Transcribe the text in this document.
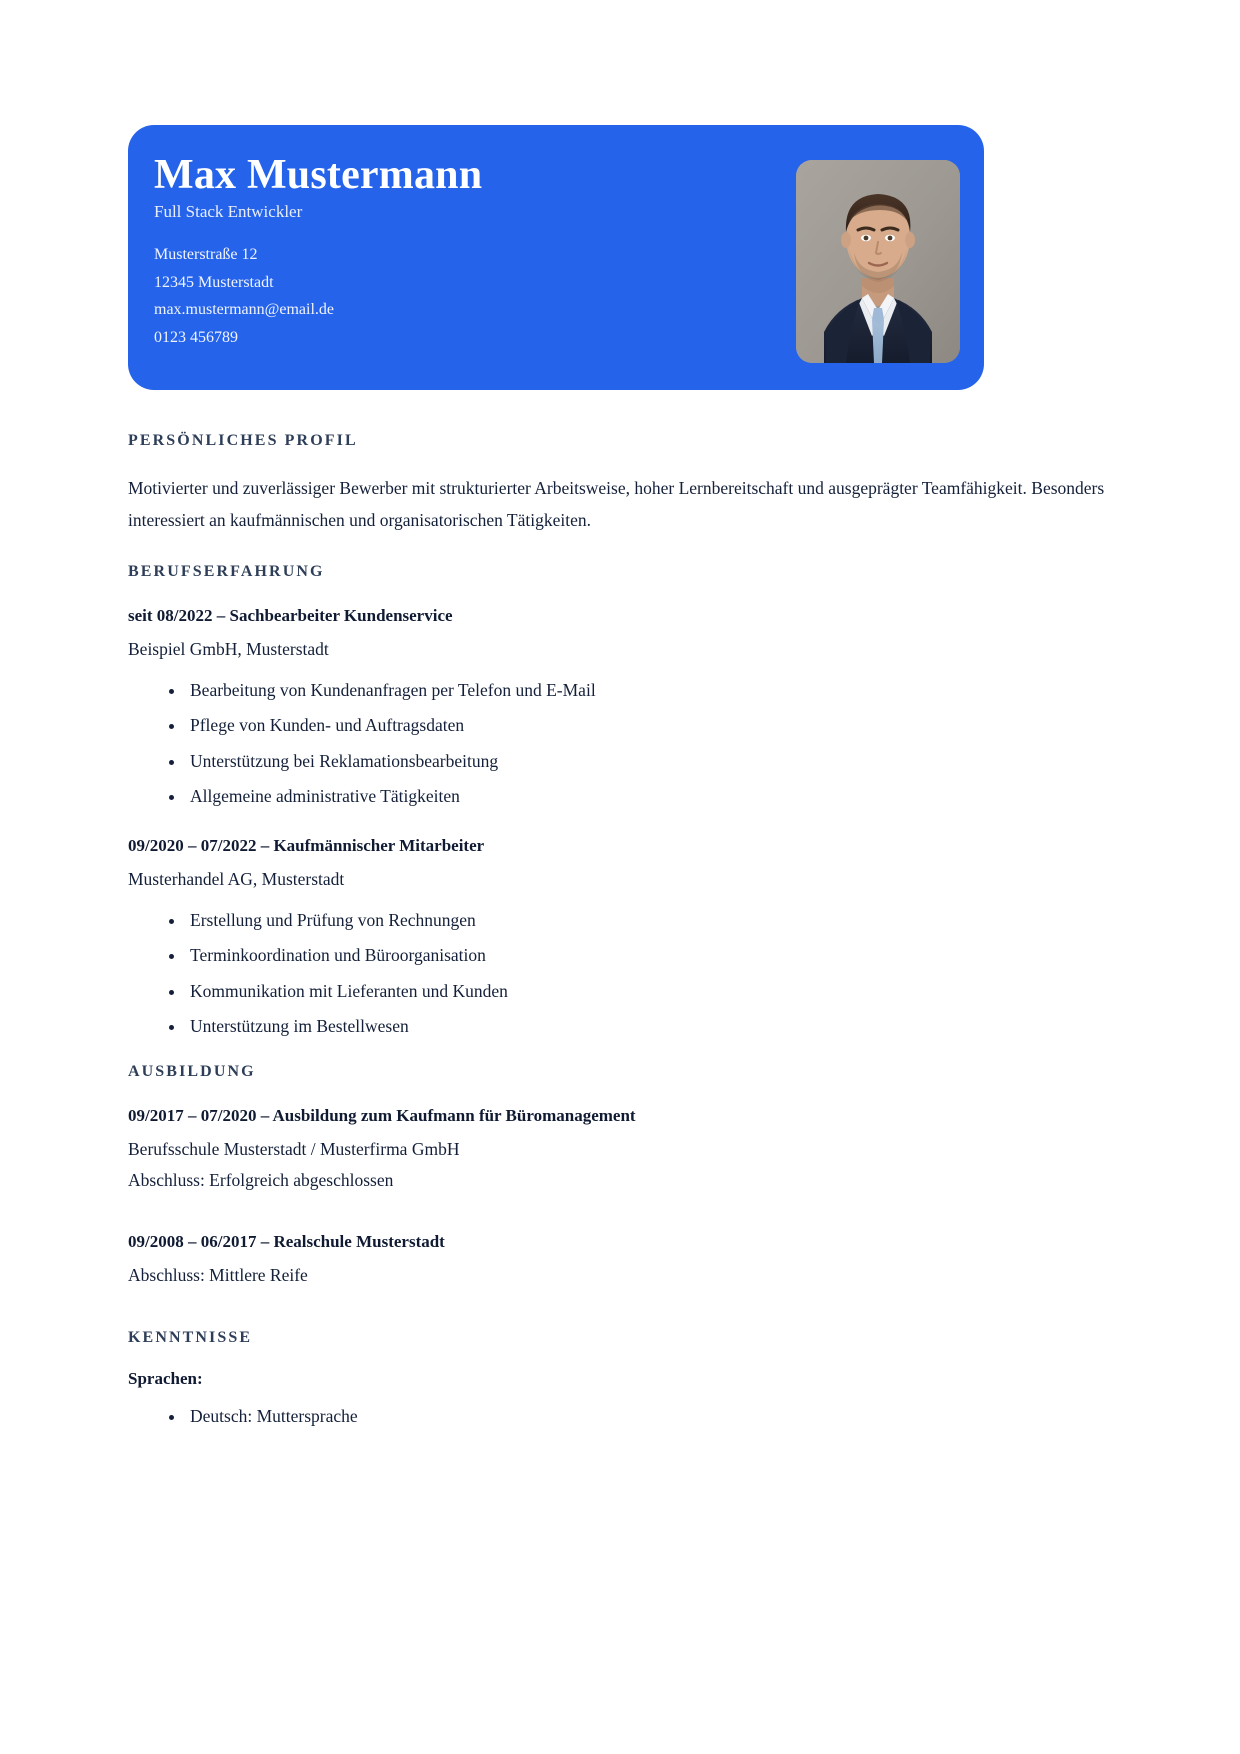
Max Mustermann
Full Stack Entwickler
Musterstraße 12
12345 Musterstadt
max.mustermann@email.de
0123 456789
PERSÖNLICHES PROFIL

Motivierter und zuverlässiger Bewerber mit strukturierter Arbeitsweise, hoher Lernbereitschaft und ausgeprägter Teamfähigkeit. Besonders interessiert an kaufmännischen und organisatorischen Tätigkeiten.

BERUFSERFAHRUNG
seit 08/2022 – Sachbearbeiter Kundenservice
Beispiel GmbH, Musterstadt
• Bearbeitung von Kundenanfragen per Telefon und E-Mail
• Pflege von Kunden- und Auftragsdaten
• Unterstützung bei Reklamationsbearbeitung
• Allgemeine administrative Tätigkeiten
09/2020 – 07/2022 – Kaufmännischer Mitarbeiter
Musterhandel AG, Musterstadt
• Erstellung und Prüfung von Rechnungen
• Terminkoordination und Büroorganisation
• Kommunikation mit Lieferanten und Kunden
• Unterstützung im Bestellwesen
AUSBILDUNG
09/2017 – 07/2020 – Ausbildung zum Kaufmann für Büromanagement
Berufsschule Musterstadt / Musterfirma GmbH
Abschluss: Erfolgreich abgeschlossen
09/2008 – 06/2017 – Realschule Musterstadt
Abschluss: Mittlere Reife
KENNTNISSE
Sprachen:
• Deutsch: Muttersprache
